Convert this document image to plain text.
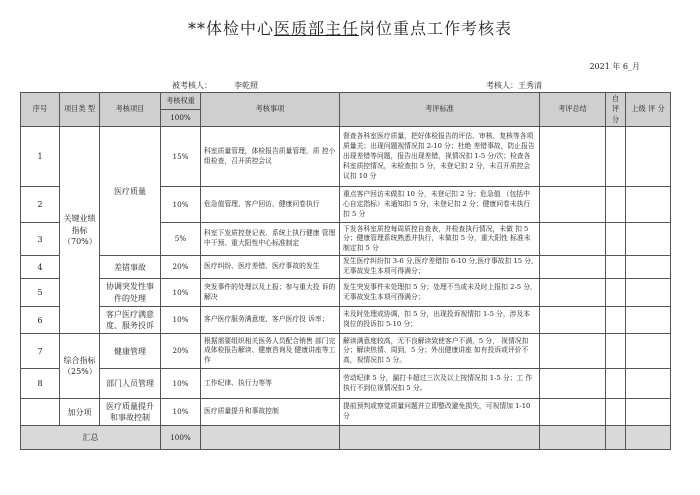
**体检中心医质部主任岗位重点工作考核表
2021 年 6_月
被考核人：	李乾照	考核人：王秀清
序号	项目类 型	考核项目	考核权重	考核事项	考评标准	考评总结	自评 分	上级 评 分
			100%					
1	关键业绩指标（70%）	医疗质量	15%	科室质量管理，体检报告质量管理，质 控小组检查，召开质控会议	督查各科室医疗质量，把好体检报告的评估、审核、复核等各项质量关；出现问题视情况扣 2-10 分；杜绝 差错事故，防止报告出现差错等问题，报告出现差错，视情况扣 1-5 分/次；检查各科室质控情况，未检查扣 5 分，未登记扣 2 分，未召开质控会议扣 10 分			
2			10%	危急值管理、客户回访、健康问卷执行	重点客户回访未做扣 10 分，未登记扣 2 分；危急值 （包括中心自定指标）未通知扣 5 分，未登记扣 2 分；健康问卷未执行扣 5 分			
3			5%	科室下发质控登记表、系统上执行健康 管理中干预、重大阳性中心标准制定	下发各科室质控每周质控自查表，并检查执行情况，未做 扣 5 分；健康管理系统熟悉并执行，未做扣 5 分，重大阳性 标准未制定扣 5 分			
4		差错事故	20%	医疗纠纷、医疗差错、医疗事故的发生	发生医疗纠纷扣 3-6 分,医疗差错扣 6-10 分,医疗事故扣 15 分,无事故发生本项可得满分；			
5		协调突发性事件的处理	10%	突发事件的处理以及上报；参与重大投 诉的解决	发生突发事件未处理扣 5 分；处理不当或未及时上报扣 2-5 分,无事故发生本项可得满分；			
6		客户医疗满意度、服务投诉	10%	客户医疗服务满意度、客户医疗投 诉率；	未及时处理或协调，扣 5 分，出现投诉视情扣 1-5 分，涉及本岗位的投诉扣 5-10 分；			
7	综合指标（25%）	健康管理	20%	根据需要组织相关医务人员配合销售 部门完成体检报告解读、健康咨询及 健康讲座等工作	解读满意度较高，无不良解读致使客户不满，5 分， 视情况扣分；解读热情、周到，5 分；外出健康讲座 如有投诉或评价不高，视情况扣 5 分。			
8		部门人员管理	10%	工作纪律、执行力等等	劳动纪律 5 分，漏打卡超过三次及以上按情况扣 1-5 分；工 作执行不到位视情况扣 5 分。			
	加分项	医疗质量提升和事故控制	10%	医疗质量提升和事故控制	提前预判或察觉质量问题并立即整改避免损失，可视情加 1-10 分			
汇总			100%					
